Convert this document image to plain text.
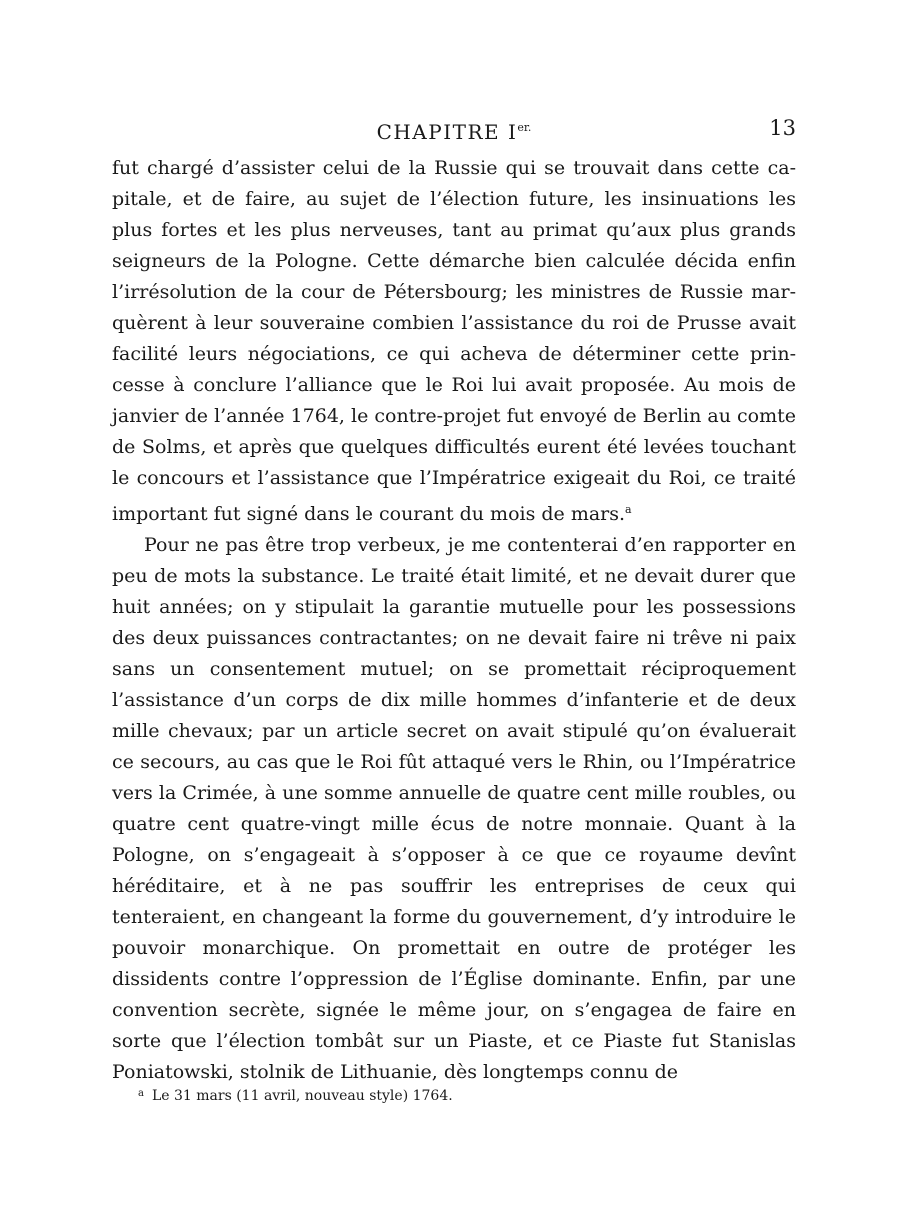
CHAPITRE $I^{er.}$	13

fut chargé d’assister celui de la Russie qui se trouvait dans cette capitale, et de faire, au sujet de l’élection future, les insinuations les plus fortes et les plus nerveuses, tant au primat qu’aux plus grands seigneurs de la Pologne. Cette démarche bien calculée décida enfin l’irrésolution de la cour de Pétersbourg; les ministres de Russie marquèrent à leur souveraine combien l’assistance du roi de Prusse avait facilité leurs négociations, ce qui acheva de déterminer cette princesse à conclure l’alliance que le Roi lui avait proposée. Au mois de janvier de l’année 1764, le contre-projet fut envoyé de Berlin au comte de Solms, et après que quelques difficultés eurent été levées touchant le concours et l’assistance que l’Impératrice exigeait du Roi, ce traité important fut signé dans le courant du mois de mars.$^a$

Pour ne pas être trop verbeux, je me contenterai d’en rapporter en peu de mots la substance. Le traité était limité, et ne devait durer que huit années; on y stipulait la garantie mutuelle pour les possessions des deux puissances contractantes; on ne devait faire ni trêve ni paix sans un consentement mutuel; on se promettait réciproquement l’assistance d’un corps de dix mille hommes d’infanterie et de deux mille chevaux; par un article secret on avait stipulé qu’on évaluerait ce secours, au cas que le Roi fût attaqué vers le Rhin, ou l’Impératrice vers la Crimée, à une somme annuelle de quatre cent mille roubles, ou quatre cent quatre-vingt mille écus de notre monnaie. Quant à la Pologne, on s’engageait à s’opposer à ce que ce royaume devînt héréditaire, et à ne pas souffrir les entreprises de ceux qui tenteraient, en changeant la forme du gouvernement, d’y introduire le pouvoir monarchique. On promettait en outre de protéger les dissidents contre l’oppression de l’Église dominante. Enfin, par une convention secrète, signée le même jour, on s’engagea de faire en sorte que l’élection tombât sur un Piaste, et ce Piaste fut Stanislas Poniatowski, stolnik de Lithuanie, dès longtemps connu de

$^a$ Le 31 mars (11 avril, nouveau style) 1764.
